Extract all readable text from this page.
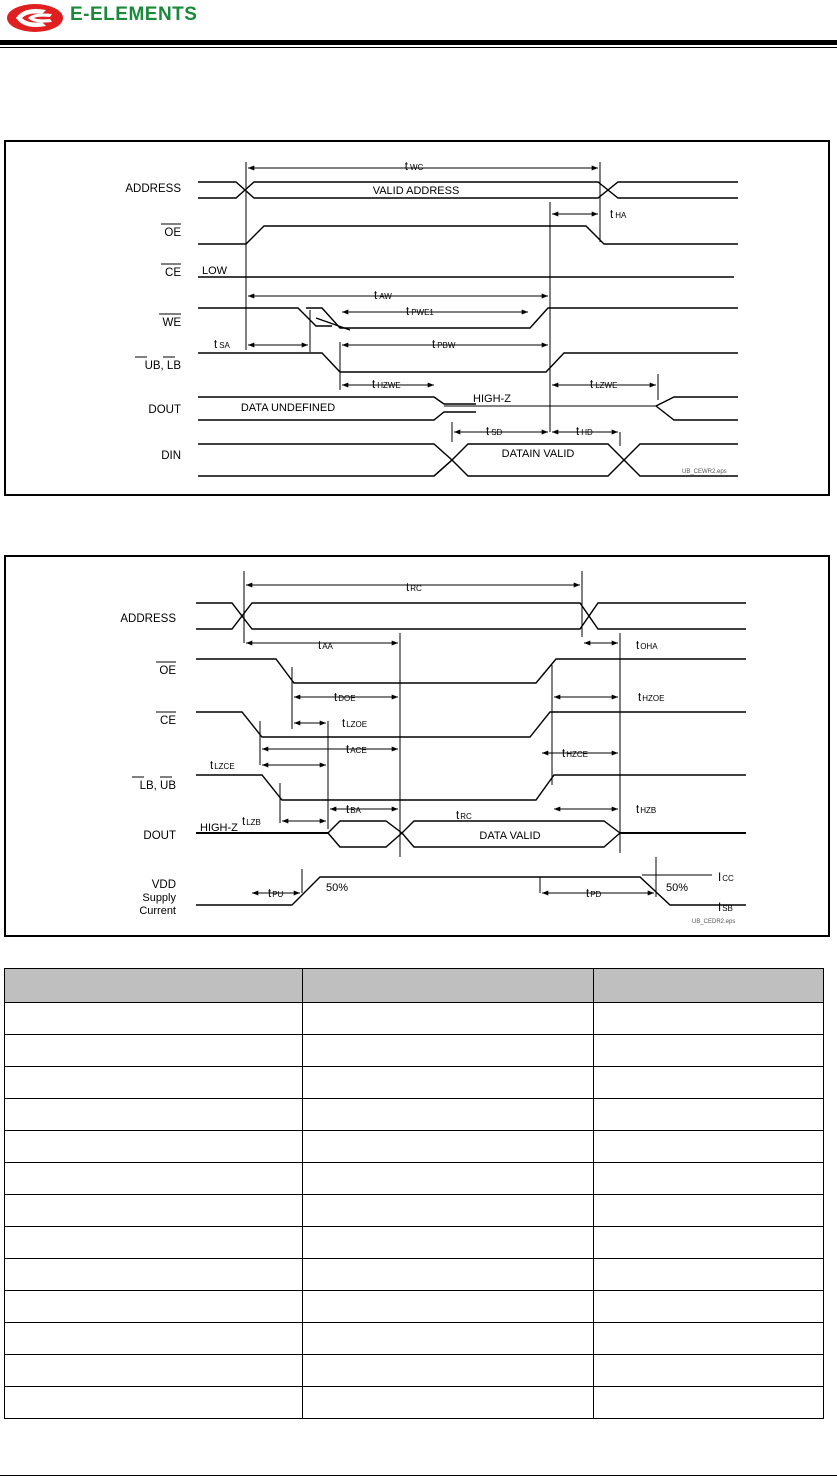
E-ELEMENTS
ADDRESS
OE
CE
WE
UB, LB
DOUT
DIN
VALID ADDRESS
LOW
DATA UNDEFINED
HIGH-Z
DATAIN VALID
t WC
t HA
t AW
t PWE1
t SA	t PBW
t HZWE	t LZWE
t SD	t HD
UB_CEWR2.eps
ADDRESS
OE
CE
LB, UB
DOUT
VDD
Supply
Current
HIGH-Z
DATA VALID
50%	50%
tRC
tAA	tOHA
tDOE	tHZOE
tLZOE
tACE	tHZCE
tLZCE
tBA	tHZB
tLZB
tRC
tPU	tPD
ICC
ISB
UB_CEDR2.eps
